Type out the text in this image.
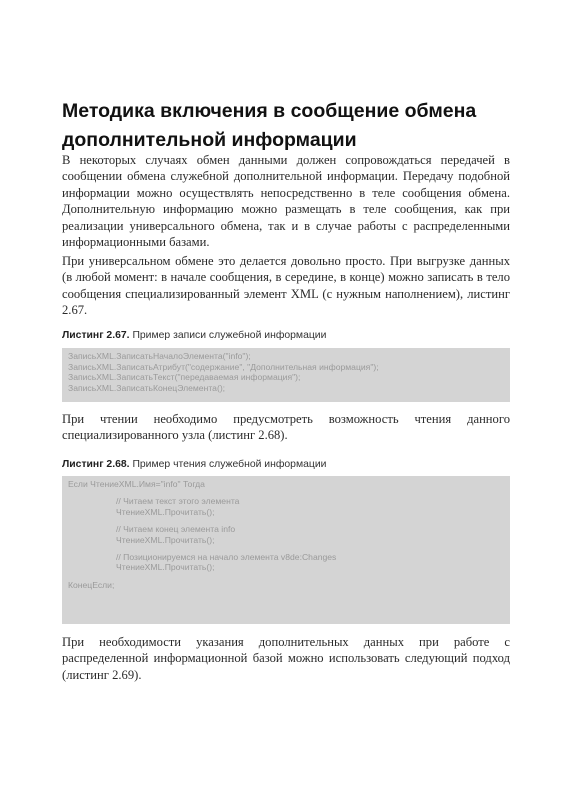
Методика включения в сообщение обмена дополнительной информации

В некоторых случаях обмен данными должен сопровождаться передачей в сообщении обмена служебной дополнительной информации. Передачу подобной информации можно осуществлять непосредственно в теле сообщения обмена. Дополнительную информацию можно размещать в теле сообщения, как при реализации универсального обмена, так и в случае работы с распределенными информационными базами.

При универсальном обмене это делается довольно просто. При выгрузке данных (в любой момент: в начале сообщения, в середине, в конце) можно записать в тело сообщения специализированный элемент XML (с нужным наполнением), листинг 2.67.

Листинг 2.67. Пример записи служебной информации

ЗаписьXML.ЗаписатьНачалоЭлемента("info");
ЗаписьXML.ЗаписатьАтрибут("содержание", "Дополнительная информация");
ЗаписьXML.ЗаписатьТекст("передаваемая информация");
ЗаписьXML.ЗаписатьКонецЭлемента();

При чтении необходимо предусмотреть возможность чтения данного специализированного узла (листинг 2.68).

Листинг 2.68. Пример чтения служебной информации

Если ЧтениеXML.Имя="info" Тогда
// Читаем текст этого элемента
ЧтениеXML.Прочитать();
// Читаем конец элемента info
ЧтениеXML.Прочитать();
// Позиционируемся на начало элемента v8de:Changes
ЧтениеXML.Прочитать();
КонецЕсли;

При необходимости указания дополнительных данных при работе с распределенной информационной базой можно использовать следующий подход (листинг 2.69).
